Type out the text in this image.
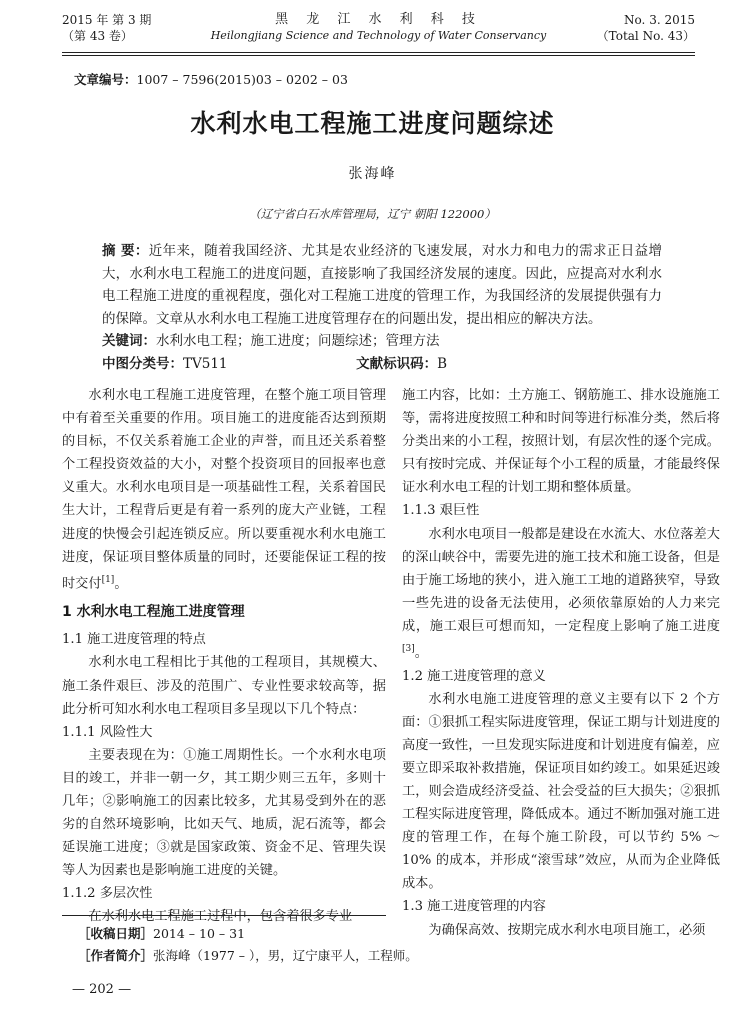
2015 年 第 3 期
（第 43 卷）
黑 龙 江 水 利 科 技
Heilongjiang Science and Technology of Water Conservancy
No. 3. 2015
（Total No. 43）
文章编号：1007 – 7596(2015)03 – 0202 – 03
水利水电工程施工进度问题综述
张海峰
（辽宁省白石水库管理局，辽宁 朝阳 122000）
摘 要：近年来，随着我国经济、尤其是农业经济的飞速发展，对水力和电力的需求正日益增大，水利水电工程施工的进度问题，直接影响了我国经济发展的速度。因此，应提高对水利水电工程施工进度的重视程度，强化对工程施工进度的管理工作，为我国经济的发展提供强有力的保障。文章从水利水电工程施工进度管理存在的问题出发，提出相应的解决方法。
关键词：水利水电工程；施工进度；问题综述；管理方法
中图分类号：TV511	文献标识码：B

水利水电工程施工进度管理，在整个施工项目管理中有着至关重要的作用。项目施工的进度能否达到预期的目标，不仅关系着施工企业的声誉，而且还关系着整个工程投资效益的大小，对整个投资项目的回报率也意义重大。水利水电项目是一项基础性工程，关系着国民生大计，工程背后更是有着一系列的庞大产业链，工程进度的快慢会引起连锁反应。所以要重视水利水电施工进度，保证项目整体质量的同时，还要能保证工程的按时交付[1]。

1 水利水电工程施工进度管理
1.1 施工进度管理的特点

水利水电工程相比于其他的工程项目，其规模大、施工条件艰巨、涉及的范围广、专业性要求较高等，据此分析可知水利水电工程项目多呈现以下几个特点：

1.1.1 风险性大

主要表现在为：①施工周期性长。一个水利水电项目的竣工，并非一朝一夕，其工期少则三五年，多则十几年；②影响施工的因素比较多，尤其易受到外在的恶劣的自然环境影响，比如天气、地质，泥石流等，都会延误施工进度；③就是国家政策、资金不足、管理失误等人为因素也是影响施工进度的关键。

1.1.2 多层次性

在水利水电工程施工过程中，包含着很多专业

施工内容，比如：土方施工、钢筋施工、排水设施施工等，需将进度按照工种和时间等进行标准分类，然后将分类出来的小工程，按照计划，有层次性的逐个完成。只有按时完成、并保证每个小工程的质量，才能最终保证水利水电工程的计划工期和整体质量。

1.1.3 艰巨性

水利水电项目一般都是建设在水流大、水位落差大的深山峡谷中，需要先进的施工技术和施工设备，但是由于施工场地的狭小，进入施工工地的道路狭窄，导致一些先进的设备无法使用，必须依靠原始的人力来完成，施工艰巨可想而知，一定程度上影响了施工进度[3]。

1.2 施工进度管理的意义

水利水电施工进度管理的意义主要有以下 2 个方面：①狠抓工程实际进度管理，保证工期与计划进度的高度一致性，一旦发现实际进度和计划进度有偏差，应要立即采取补救措施，保证项目如约竣工。如果延迟竣工，则会造成经济受益、社会受益的巨大损失；②狠抓工程实际进度管理，降低成本。通过不断加强对施工进度的管理工作，在每个施工阶段，可以节约 5% ～10% 的成本，并形成“滚雪球”效应，从而为企业降低成本。

1.3 施工进度管理的内容

为确保高效、按期完成水利水电项目施工，必须

［收稿日期］2014 – 10 – 31
［作者简介］张海峰（1977 – ），男，辽宁康平人，工程师。
— 202 —
